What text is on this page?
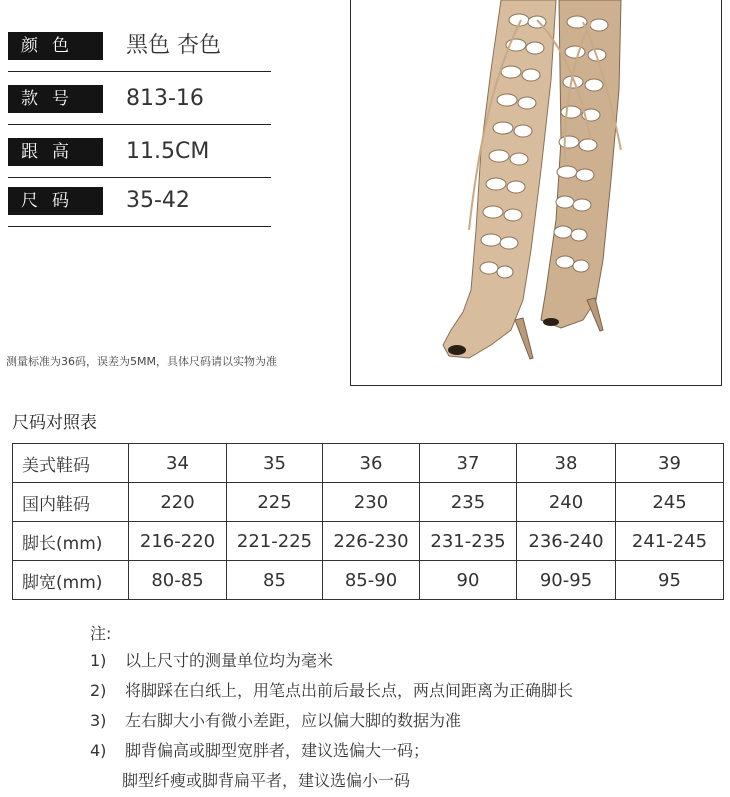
颜色	黑色 杏色
款号	813-16
跟高	11.5CM
尺码	35-42
测量标准为36码，误差为5MM，具体尺码请以实物为准
尺码对照表
美式鞋码	34	35	36	37	38	39
国内鞋码	220	225	230	235	240	245
脚长(mm)	216-220	221-225	226-230	231-235	236-240	241-245
脚宽(mm)	80-85	85	85-90	90	90-95	95
注:
1) 以上尺寸的测量单位均为毫米
2) 将脚踩在白纸上，用笔点出前后最长点，两点间距离为正确脚长
3) 左右脚大小有微小差距，应以偏大脚的数据为准
4) 脚背偏高或脚型宽胖者，建议选偏大一码；
脚型纤瘦或脚背扁平者，建议选偏小一码
